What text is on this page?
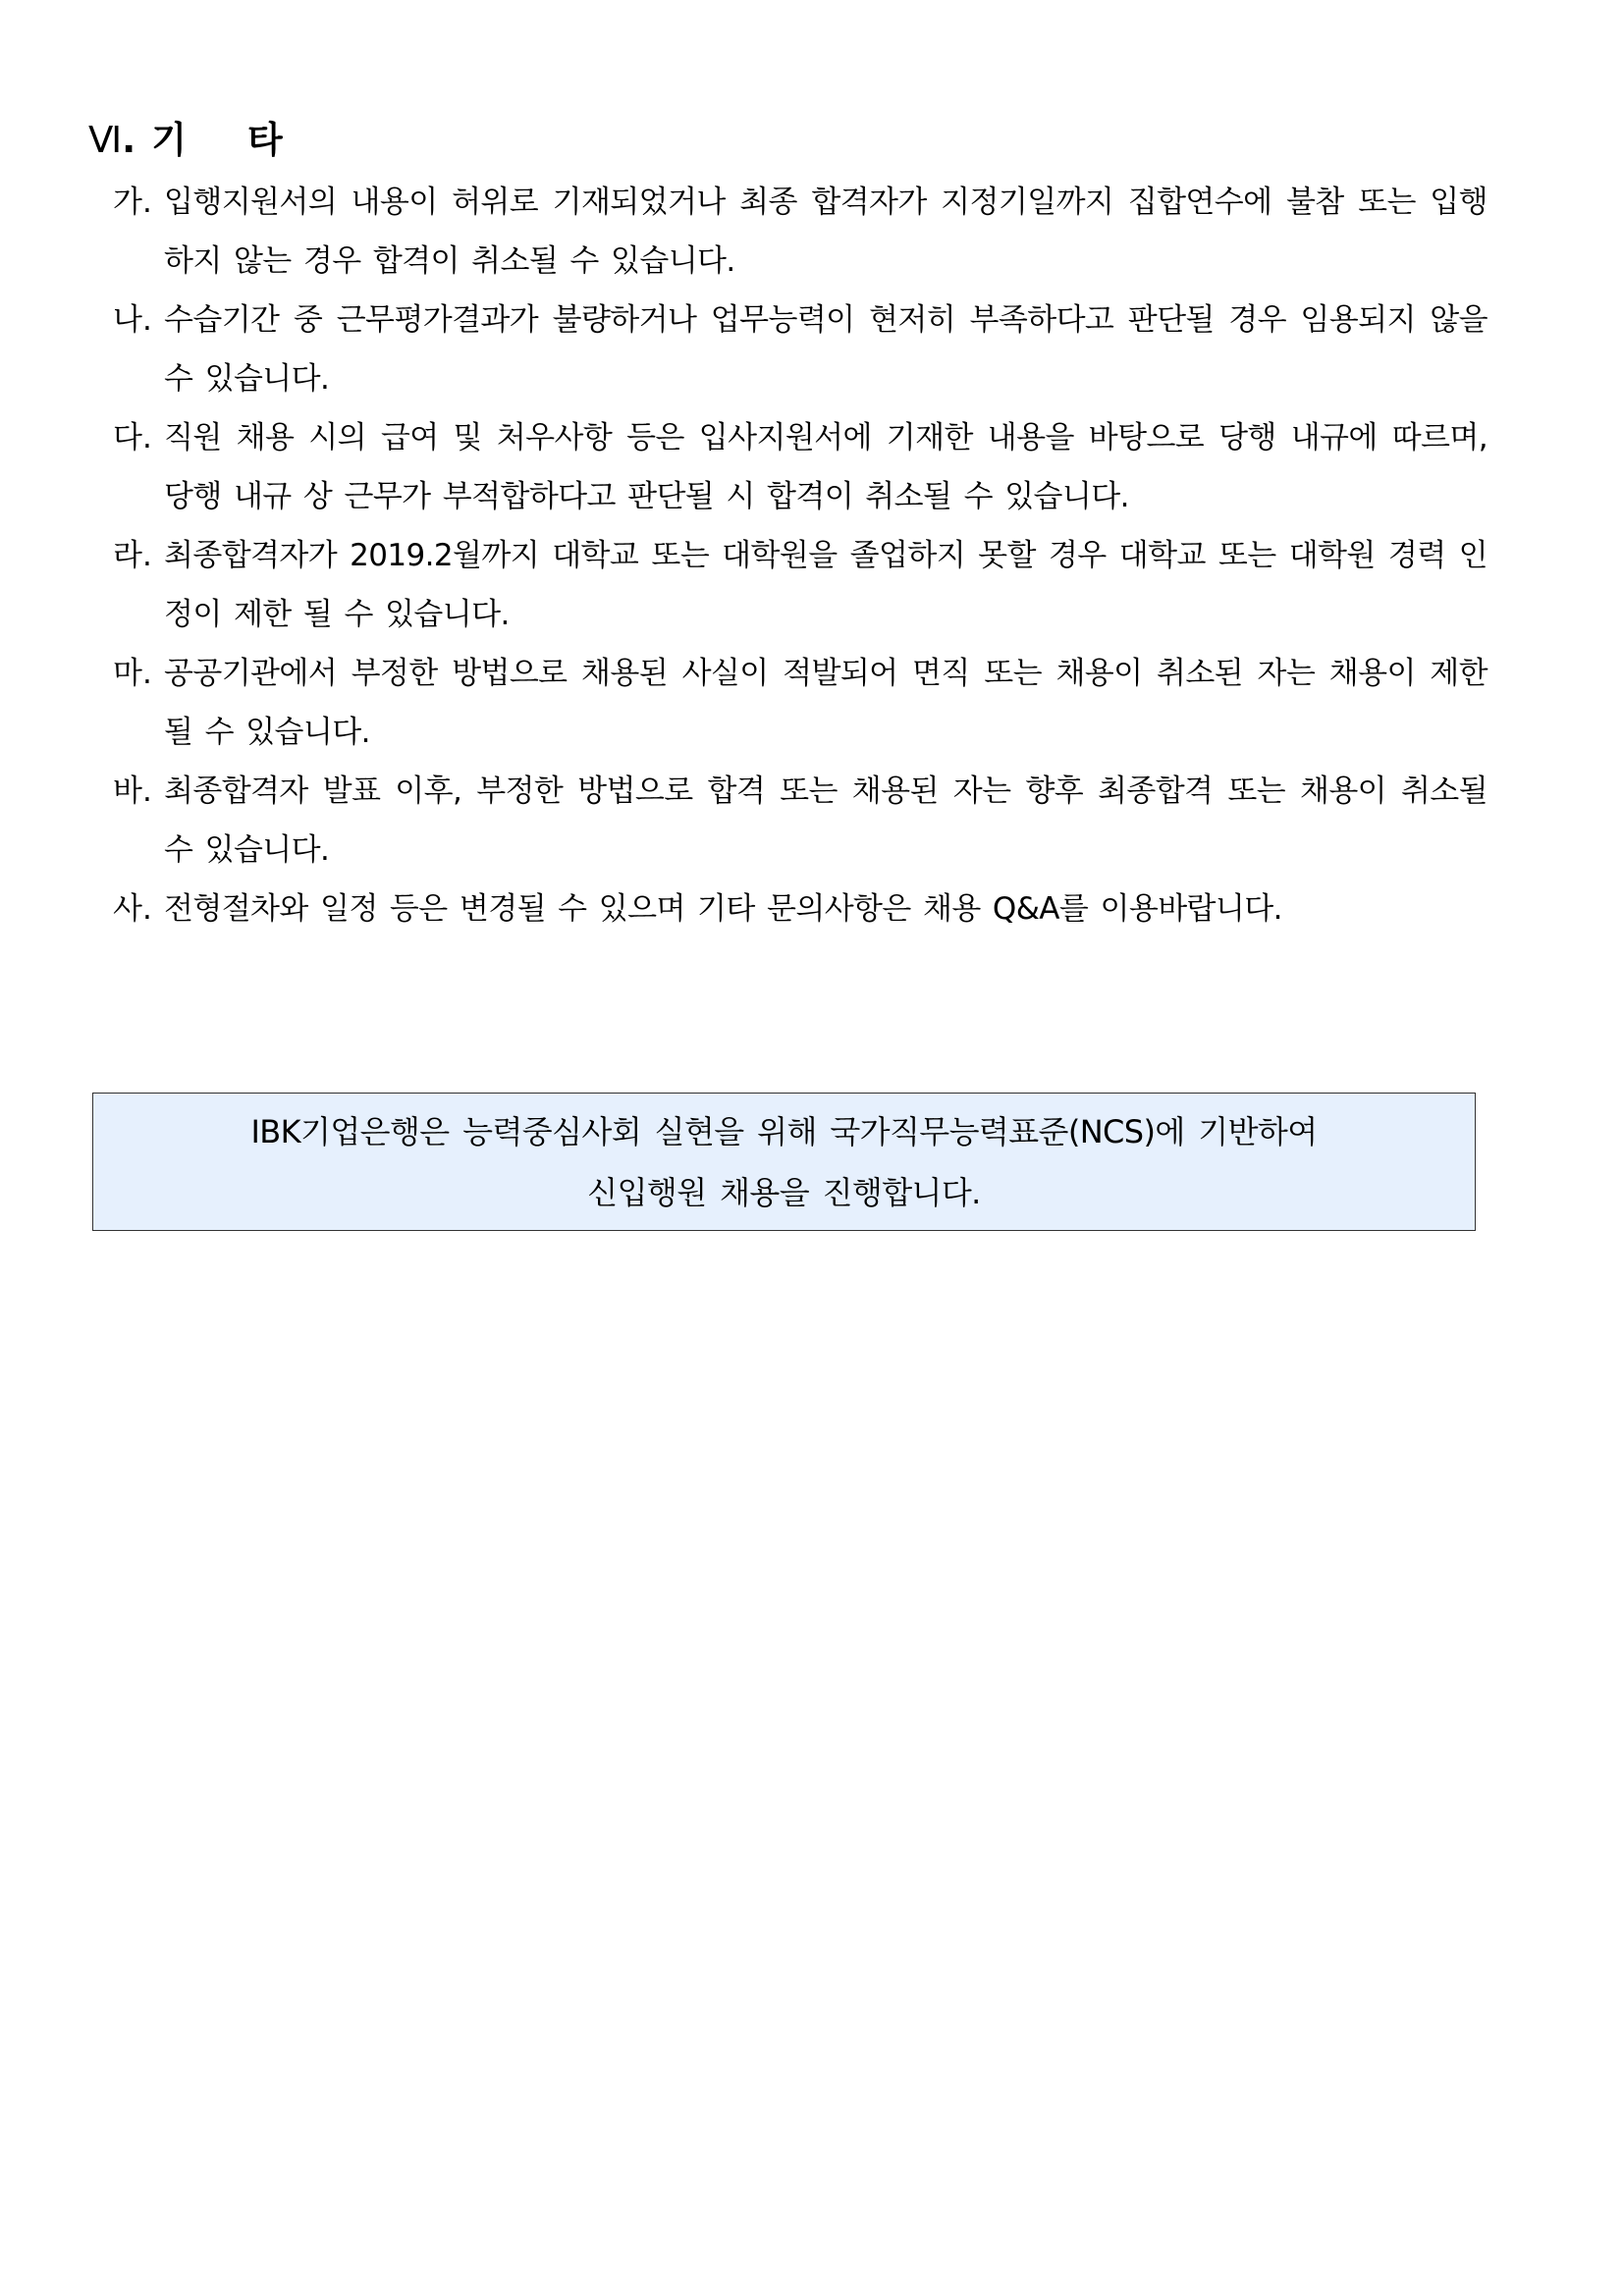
Ⅵ . 기타
가. 입행지원서의 내용이 허위로 기재되었거나 최종 합격자가 지정기일까지 집합연수에 불참 또는 입행하지 않는 경우 합격이 취소될 수 있습니다.
나. 수습기간 중 근무평가결과가 불량하거나 업무능력이 현저히 부족하다고 판단될 경우 임용되지 않을 수 있습니다.
다. 직원 채용 시의 급여 및 처우사항 등은 입사지원서에 기재한 내용을 바탕으로 당행 내규에 따르며, 당행 내규 상 근무가 부적합하다고 판단될 시 합격이 취소될 수 있습니다.
라. 최종합격자가 2019.2월까지 대학교 또는 대학원을 졸업하지 못할 경우 대학교 또는 대학원 경력 인정이 제한 될 수 있습니다.
마. 공공기관에서 부정한 방법으로 채용된 사실이 적발되어 면직 또는 채용이 취소된 자는 채용이 제한 될 수 있습니다.
바. 최종합격자 발표 이후, 부정한 방법으로 합격 또는 채용된 자는 향후 최종합격 또는 채용이 취소될 수 있습니다.
사. 전형절차와 일정 등은 변경될 수 있으며 기타 문의사항은 채용 Q&A를 이용바랍니다.
IBK기업은행은 능력중심사회 실현을 위해 국가직무능력표준(NCS)에 기반하여
신입행원 채용을 진행합니다.
